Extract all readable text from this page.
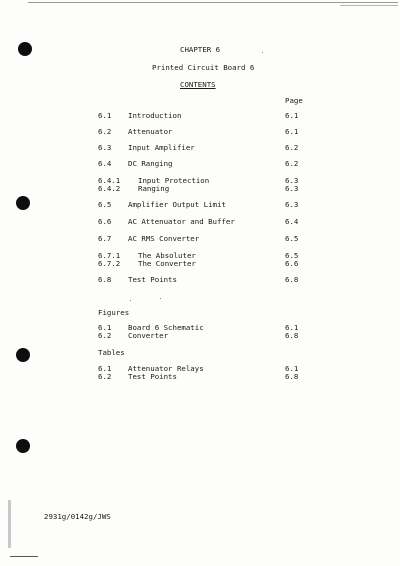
CHAPTER 6
Printed Circuit Board 6
CONTENTS
Page
6.1 Introduction	6.1
6.2 Attenuator	6.1
6.3 Input Amplifier	6.2
6.4 DC Ranging	6.2
6.4.1 Input Protection	6.3
6.4.2 Ranging	6.3
6.5 Amplifier Output Limit	6.3
6.6 AC Attenuator and Buffer	6.4
6.7 AC RMS Converter	6.5
6.7.1 The Absoluter	6.5
6.7.2 The Converter	6.6
6.8 Test Points	6.8
Figures
6.1 Board 6 Schematic	6.1
6.2 Converter	6.8
Tables
6.1 Attenuator Relays	6.1
6.2 Test Points	6.8
2931g/0142g/JWS
